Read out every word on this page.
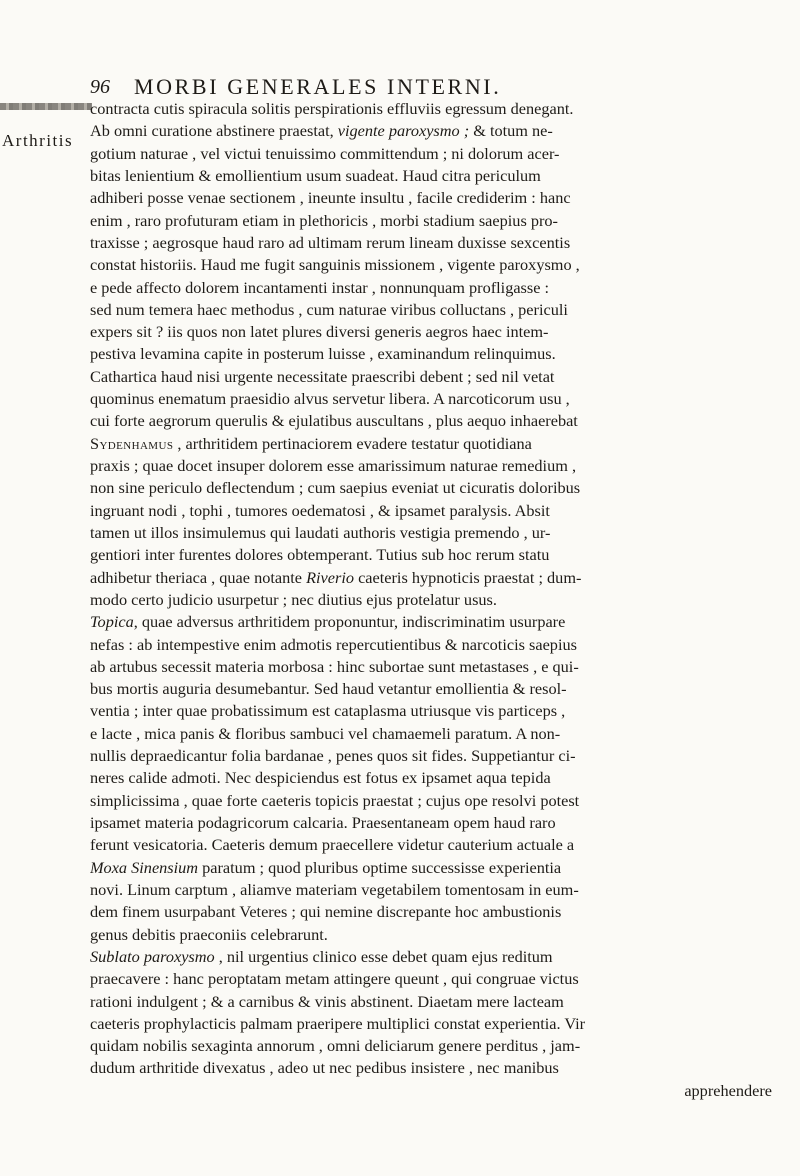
96 MORBI GENERALES INTERNI.
Arthritis
contracta cutis spiracula solitis perspirationis effluviis egressum denegant.
Ab omni curatione abstinere praestat, vigente paroxysmo ; & totum ne-
gotium naturae , vel victui tenuissimo committendum ; ni dolorum acer-
bitas lenientium & emollientium usum suadeat. Haud citra periculum
adhiberi posse venae sectionem , ineunte insultu , facile crediderim : hanc
enim , raro profuturam etiam in plethoricis , morbi stadium saepius pro-
traxisse ; aegrosque haud raro ad ultimam rerum lineam duxisse sexcentis
constat historiis. Haud me fugit sanguinis missionem , vigente paroxysmo ,
e pede affecto dolorem incantamenti instar , nonnunquam profligasse :
sed num temera haec methodus , cum naturae viribus colluctans , periculi
expers sit ? iis quos non latet plures diversi generis aegros haec intem-
pestiva levamina capite in posterum luisse , examinandum relinquimus.
Cathartica haud nisi urgente necessitate praescribi debent ; sed nil vetat
quominus enematum praesidio alvus servetur libera. A narcoticorum usu ,
cui forte aegrorum querulis & ejulatibus auscultans , plus aequo inhaerebat
Sydenhamus , arthritidem pertinaciorem evadere testatur quotidiana
praxis ; quae docet insuper dolorem esse amarissimum naturae remedium ,
non sine periculo deflectendum ; cum saepius eveniat ut cicuratis doloribus
ingruant nodi , tophi , tumores oedematosi , & ipsamet paralysis. Absit
tamen ut illos insimulemus qui laudati authoris vestigia premendo , ur-
gentiori inter furentes dolores obtemperant. Tutius sub hoc rerum statu
adhibetur theriaca , quae notante Riverio caeteris hypnoticis praestat ; dum-
modo certo judicio usurpetur ; nec diutius ejus protelatur usus.
Topica, quae adversus arthritidem proponuntur, indiscriminatim usurpare
nefas : ab intempestive enim admotis repercutientibus & narcoticis saepius
ab artubus secessit materia morbosa : hinc subortae sunt metastases , e qui-
bus mortis auguria desumebantur. Sed haud vetantur emollientia & resol-
ventia ; inter quae probatissimum est cataplasma utriusque vis particeps ,
e lacte , mica panis & floribus sambuci vel chamaemeli paratum. A non-
nullis depraedicantur folia bardanae , penes quos sit fides. Suppetiantur ci-
neres calide admoti. Nec despiciendus est fotus ex ipsamet aqua tepida
simplicissima , quae forte caeteris topicis praestat ; cujus ope resolvi potest
ipsamet materia podagricorum calcaria. Praesentaneam opem haud raro
ferunt vesicatoria. Caeteris demum praecellere videtur cauterium actuale a
Moxa Sinensium paratum ; quod pluribus optime successisse experientia
novi. Linum carptum , aliamve materiam vegetabilem tomentosam in eum-
dem finem usurpabant Veteres ; qui nemine discrepante hoc ambustionis
genus debitis praeconiis celebrarunt.
Sublato paroxysmo , nil urgentius clinico esse debet quam ejus reditum
praecavere : hanc peroptatam metam attingere queunt , qui congruae victus
rationi indulgent ; & a carnibus & vinis abstinent. Diaetam mere lacteam
caeteris prophylacticis palmam praeripere multiplici constat experientia. Vir
quidam nobilis sexaginta annorum , omni deliciarum genere perditus , jam-
dudum arthritide divexatus , adeo ut nec pedibus insistere , nec manibus
apprehendere
